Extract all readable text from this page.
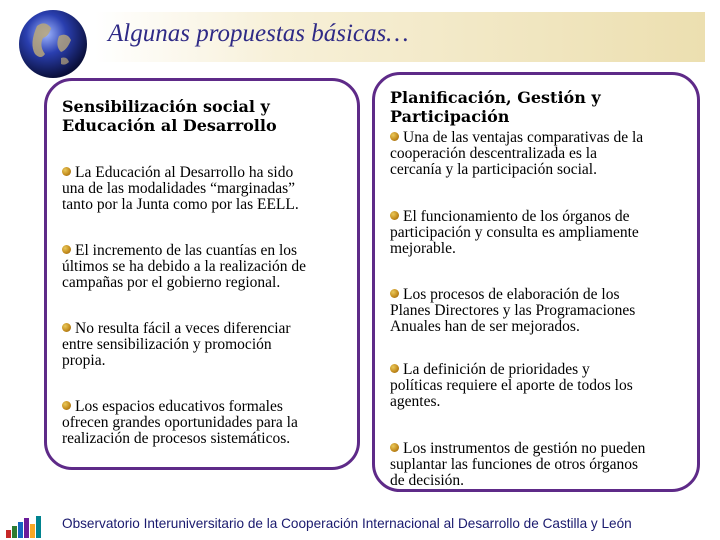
Algunas propuestas básicas…
Sensibilización social y
Educación al Desarrollo
La Educación al Desarrollo ha sido
una de las modalidades “marginadas”
tanto por la Junta como por las EELL.
El incremento de las cuantías en los
últimos se ha debido a la realización de
campañas por el gobierno regional.
No resulta fácil a veces diferenciar
entre sensibilización y promoción
propia.
Los espacios educativos formales
ofrecen grandes oportunidades para la
realización de procesos sistemáticos.
Planificación, Gestión y
Participación
Una de las ventajas comparativas de la
cooperación descentralizada es la
cercanía y la participación social.
El funcionamiento de los órganos de
participación y consulta es ampliamente
mejorable.
Los procesos de elaboración de los
Planes Directores y las Programaciones
Anuales han de ser mejorados.
La definición de prioridades y
políticas requiere el aporte de todos los
agentes.
Los instrumentos de gestión no pueden
suplantar las funciones de otros órganos
de decisión.
Observatorio Interuniversitario de la Cooperación Internacional al Desarrollo de Castilla y León
